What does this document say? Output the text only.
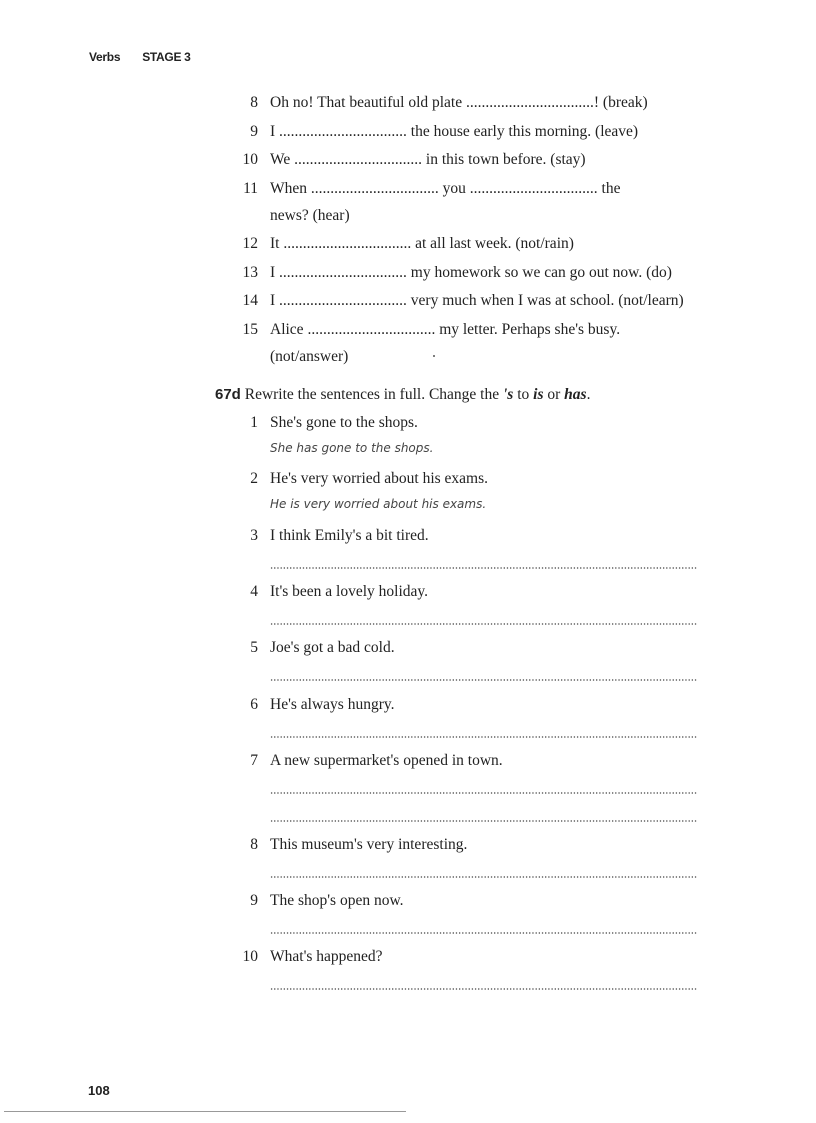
Verbs STAGE 3
8 Oh no! That beautiful old plate .................................! (break)
9 I ................................. the house early this morning. (leave)
10 We ................................. in this town before. (stay)
11 When ................................. you ................................. the
news? (hear)
12 It ................................. at all last week. (not/rain)
13 I ................................. my homework so we can go out now. (do)
14 I ................................. very much when I was at school. (not/learn)
15 Alice ................................. my letter. Perhaps she's busy.
(not/answer)
67d Rewrite the sentences in full. Change the 's to is or has.
1 She's gone to the shops.
She has gone to the shops.
2 He's very worried about his exams.
He is very worried about his exams.
3 I think Emily's a bit tired.
4 It's been a lovely holiday.
5 Joe's got a bad cold.
6 He's always hungry.
7 A new supermarket's opened in town.
8 This museum's very interesting.
9 The shop's open now.
10 What's happened?
108
